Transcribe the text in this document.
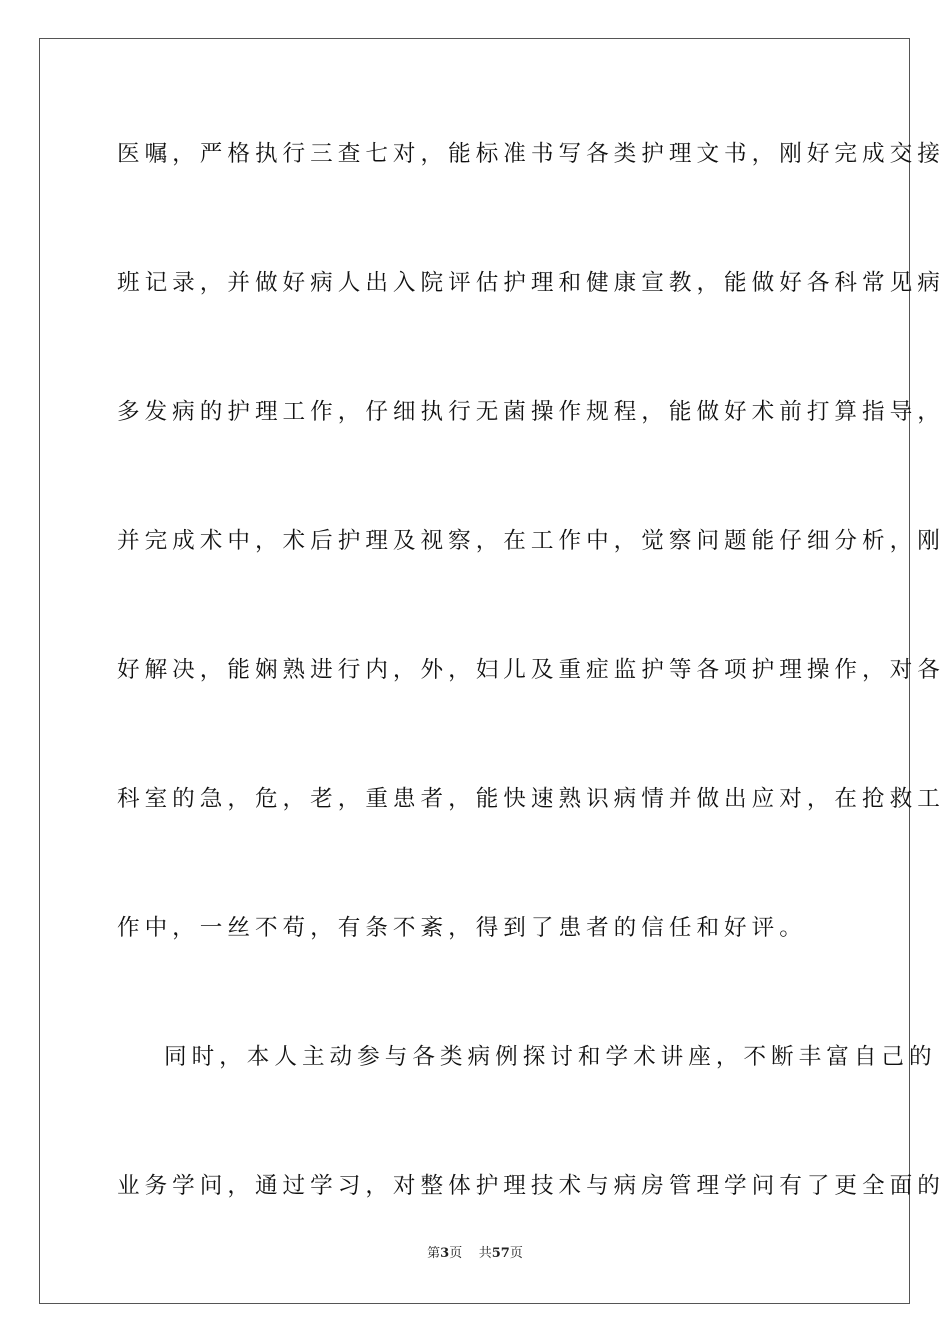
医嘱，严格执行三查七对，能标准书写各类护理文书，刚好完成交接
班记录，并做好病人出入院评估护理和健康宣教，能做好各科常见病
多发病的护理工作，仔细执行无菌操作规程，能做好术前打算指导，
并完成术中，术后护理及视察，在工作中，觉察问题能仔细分析，刚
好解决，能娴熟进行内，外，妇儿及重症监护等各项护理操作，对各
科室的急，危，老，重患者，能快速熟识病情并做出应对，在抢救工
作中，一丝不苟，有条不紊，得到了患者的信任和好评。
同时，本人主动参与各类病例探讨和学术讲座，不断丰富自己的
业务学问，通过学习，对整体护理技术与病房管理学问有了更全面的
第3页 共57页
